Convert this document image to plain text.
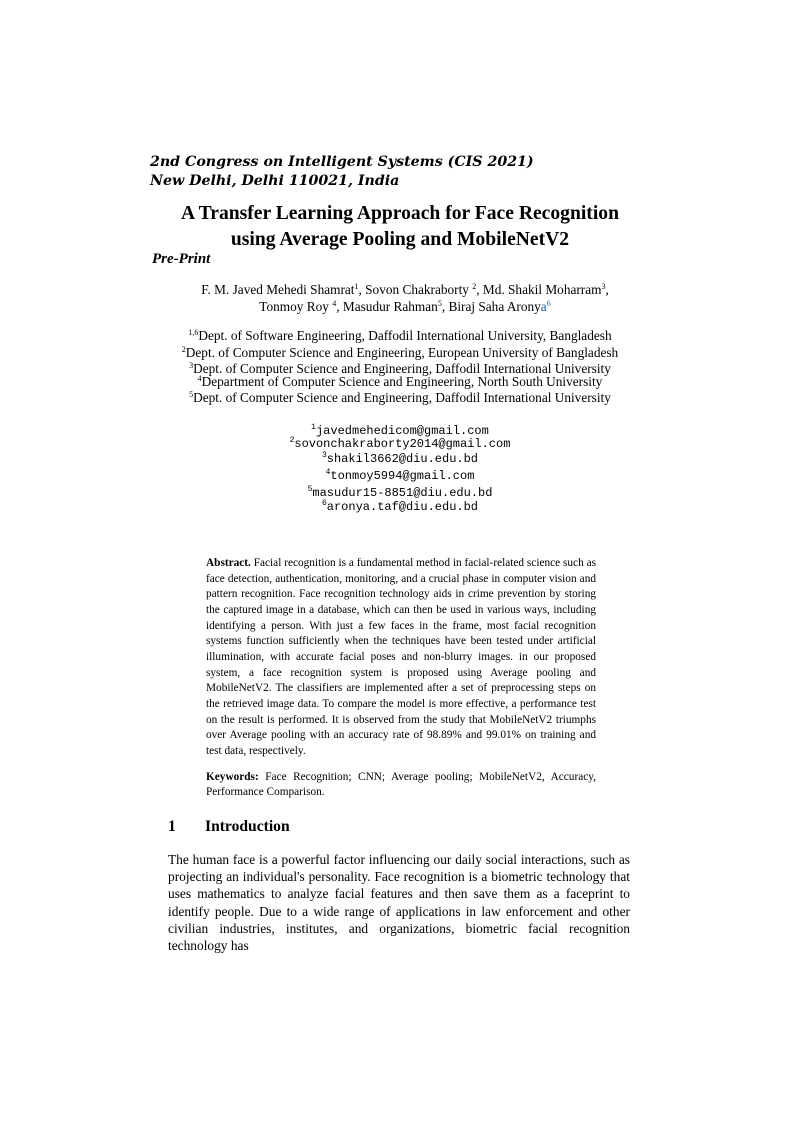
2nd Congress on Intelligent Systems (CIS 2021)
New Delhi, Delhi 110021, India
A Transfer Learning Approach for Face Recognition
using Average Pooling and MobileNetV2
Pre-Print
F. M. Javed Mehedi Shamrat$^1$, Sovon Chakraborty $^2$, Md. Shakil Moharram$^3$,
Tonmoy Roy $^4$, Masudur Rahman$^5$, Biraj Saha Aronya$^6$
$^{1,6}$Dept. of Software Engineering, Daffodil International University, Bangladesh
$^2$Dept. of Computer Science and Engineering, European University of Bangladesh
$^3$Dept. of Computer Science and Engineering, Daffodil International University
$^4$Department of Computer Science and Engineering, North South University
$^5$Dept. of Computer Science and Engineering, Daffodil International University
$^1$javedmehedicom@gmail.com
$^2$sovonchakraborty2014@gmail.com
$^3$shakil3662@diu.edu.bd
$^4$tonmoy5994@gmail.com
$^5$masudur15-8851@diu.edu.bd
$^6$aronya.taf@diu.edu.bd

Abstract. Facial recognition is a fundamental method in facial-related science such as face detection, authentication, monitoring, and a crucial phase in computer vision and pattern recognition. Face recognition technology aids in crime prevention by storing the captured image in a database, which can then be used in various ways, including identifying a person. With just a few faces in the frame, most facial recognition systems function sufficiently when the techniques have been tested under artificial illumination, with accurate facial poses and non-blurry images. in our proposed system, a face recognition system is proposed using Average pooling and MobileNetV2. The classifiers are implemented after a set of preprocessing steps on the retrieved image data. To compare the model is more effective, a performance test on the result is performed. It is observed from the study that MobileNetV2 triumphs over Average pooling with an accuracy rate of 98.89% and 99.01% on training and test data, respectively.

Keywords: Face Recognition; CNN; Average pooling; MobileNetV2, Accuracy, Performance Comparison.

1 Introduction

The human face is a powerful factor influencing our daily social interactions, such as projecting an individual's personality. Face recognition is a biometric technology that uses mathematics to analyze facial features and then save them as a faceprint to identify people. Due to a wide range of applications in law enforcement and other civilian industries, institutes, and organizations, biometric facial recognition technology has
